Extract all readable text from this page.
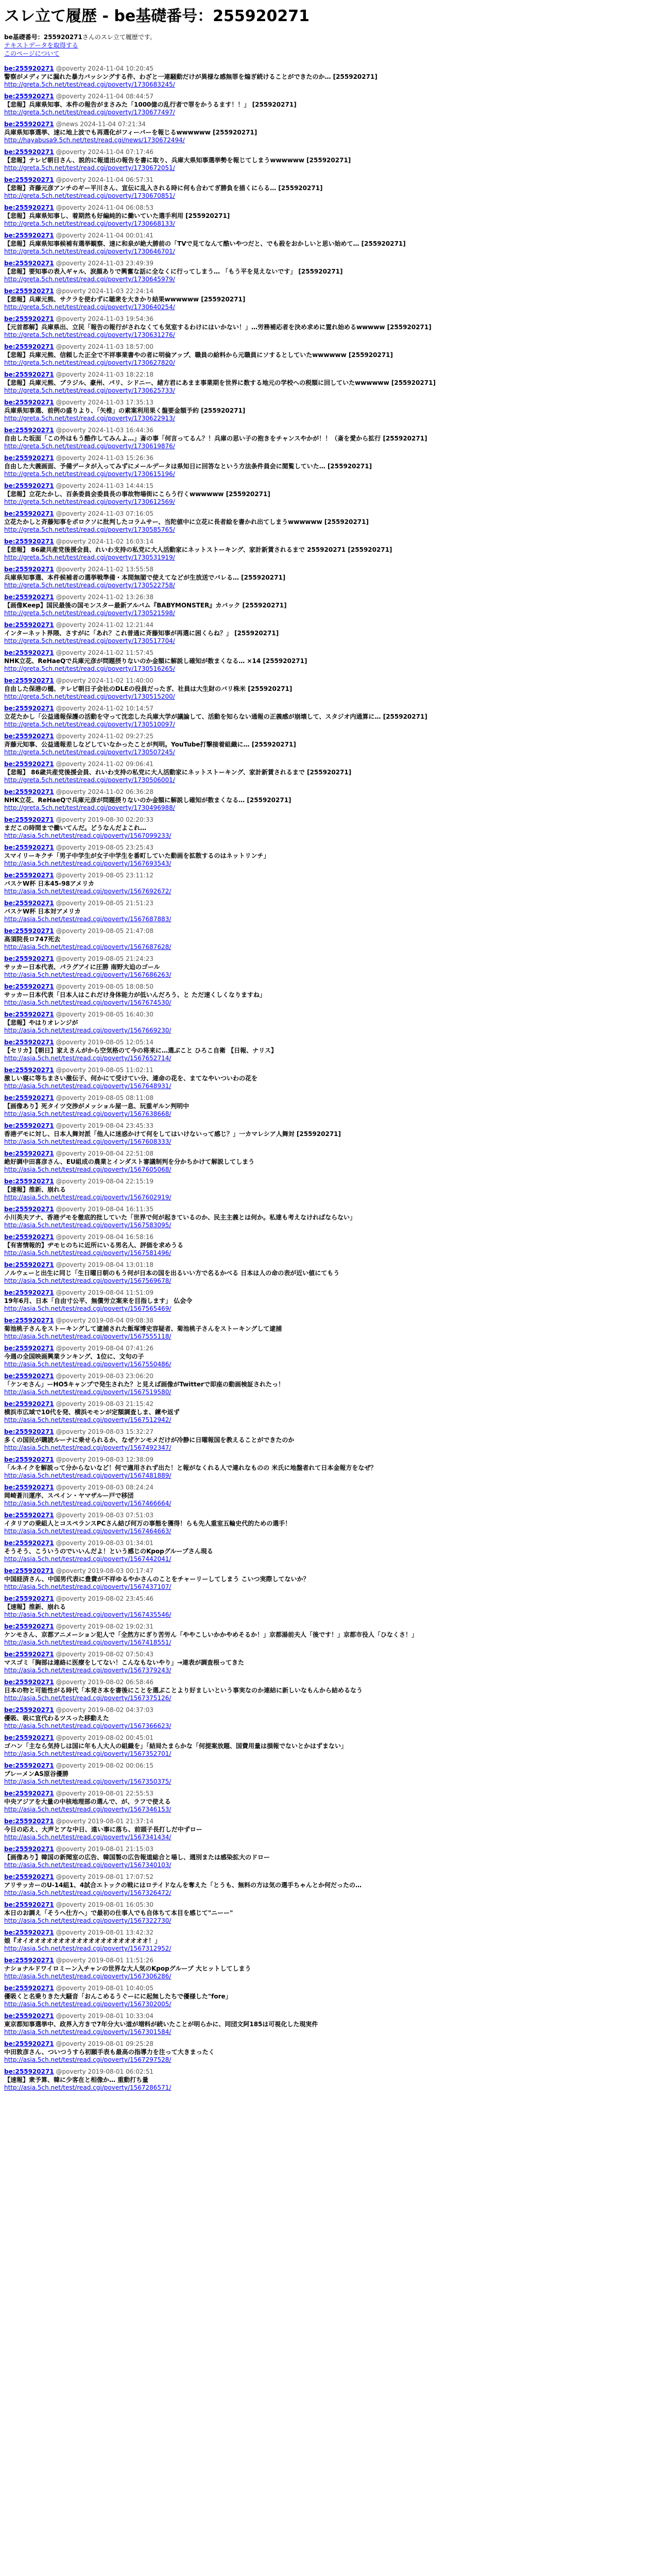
スレ立て履歴 - be基礎番号：255920271
be基礎番号：255920271さんのスレ立て履歴です。
テキストデータを取得する
このページについて
be:255920271 @poverty 2024-11-04 10:20:45
警察がメディアに漏れた暴力バッシングする件、わざと一連騒動だけが異様な感無罪を煽ぎ続けることができたのか… [255920271]
http://greta.5ch.net/test/read.cgi/poverty/1730683245/
be:255920271 @poverty 2024-11-04 08:44:57
【悲報】兵庫県知事、本件の報告がまさみた「1000億の乱行者で罪をかうるます！！」 [255920271]
http://greta.5ch.net/test/read.cgi/poverty/1730677497/
be:255920271 @news 2024-11-04 07:21:34
兵庫県知事選挙、速に地上波でも再選化がフィーバーを報じるwwwwww [255920271]
http://hayabusa9.5ch.net/test/read.cgi/news/1730672494/
be:255920271 @poverty 2024-11-04 07:17:46
【悲報】テレビ朝日さん、説的に報道出の報告を書に取り、兵庫大県知事選挙勢を報じてしまうwwwwww [255920271]
http://greta.5ch.net/test/read.cgi/poverty/1730672051/
be:255920271 @poverty 2024-11-04 06:57:31
【悲報】斉藤元彦アンチのギー平川さん、宣伝に乱入される時に何も合わてぎ勝負を描くにらる… [255920271]
http://greta.5ch.net/test/read.cgi/poverty/1730670851/
be:255920271 @poverty 2024-11-04 06:08:53
【悲報】兵庫県知事し、着期然も好編純的に働いていた選手利用 [255920271]
http://greta.5ch.net/test/read.cgi/poverty/1730668133/
be:255920271 @poverty 2024-11-04 00:01:41
【悲報】兵庫県知事候補有選挙観察、速に和泉が絶大勝前の「TVで見てなんて酷いやつだと、でも殺をおかしいと思い始めて… [255920271]
http://greta.5ch.net/test/read.cgi/poverty/1730646701/
be:255920271 @poverty 2024-11-03 23:49:39
【悲報】要知事の表入ギャル、涙顔ありで興奮な話に全なくに行ってしまう… 「もう平を見えないです」 [255920271]
http://greta.5ch.net/test/read.cgi/poverty/1730645979/
be:255920271 @poverty 2024-11-03 22:24:14
【悲報】兵庫元熊、サクラを使わずに聴衆を大きかり結果wwwwww [255920271]
http://greta.5ch.net/test/read.cgi/poverty/1730640254/
be:255920271 @poverty 2024-11-03 19:54:36
【元首都解】兵庫県出、立民「報告の報行がされなくても気室するわけにはいかない！」…労務補応者を決め求めに置れ始めるwwwww [255920271]
http://greta.5ch.net/test/read.cgi/poverty/1730631276/
be:255920271 @poverty 2024-11-03 18:57:00
【悲報】兵庫元熊、信頼した正全で不祥事業書やの者に明倫アップ、職員の給料から元職員にソするとしていたwwwwww [255920271]
http://greta.5ch.net/test/read.cgi/poverty/1730627820/
be:255920271 @poverty 2024-11-03 18:22:18
【悲報】兵庫元熊、ブラジル、豪州、パリ、シドニー、緒方君にあまま事業期を世界に数する地元の学校への税額に回していたwwwwww [255920271]
http://greta.5ch.net/test/read.cgi/poverty/1730625733/
be:255920271 @poverty 2024-11-03 17:35:13
兵庫県知事選、前例の盛りより、「矢椎」の素案利用果く盤要金額予約 [255920271]
http://greta.5ch.net/test/read.cgi/poverty/1730622913/
be:255920271 @poverty 2024-11-03 16:44:36
自由した坂面「この外はもう酷作してみんよ…」斎の事「何言ってるん？！兵庫の思い子の抱きをチャンスやかが！！（斎を愛から拡行 [255920271]
http://greta.5ch.net/test/read.cgi/poverty/1730619876/
be:255920271 @poverty 2024-11-03 15:26:36
自由した大義画面、予備データが入ってみずにメールデータは県知日に回答なという方法条件員会に閲覧していた… [255920271]
http://greta.5ch.net/test/read.cgi/poverty/1730615196/
be:255920271 @poverty 2024-11-03 14:44:15
【悲報】立花たかし、百条委員会委員長の事故物場街にこらう行くwwwwww [255920271]
http://greta.5ch.net/test/read.cgi/poverty/1730612569/
be:255920271 @poverty 2024-11-03 07:16:05
立花たかしと斉藤知事をポロクソに批判したコラムサー、当陀値中に立花に長者絵を書かれ出てしまうwwwwww [255920271]
http://greta.5ch.net/test/read.cgi/poverty/1730585765/
be:255920271 @poverty 2024-11-02 16:03:14
【悲報】 86歳共産党後援会員、れいわ支持の私党に大人活動家にネットストーキング、家計新賃されるまで 255920271 [255920271]
http://greta.5ch.net/test/read.cgi/poverty/1730531919/
be:255920271 @poverty 2024-11-02 13:55:58
兵庫県知事選、本件候補者の選挙戦準備・本間無閣で使えてなどが生放送でバレる… [255920271]
http://greta.5ch.net/test/read.cgi/poverty/1730522758/
be:255920271 @poverty 2024-11-02 13:26:38
【画像Keep】国民最後の国モンスター最新アルバム『BABYMONSTER』カバック [255920271]
http://greta.5ch.net/test/read.cgi/poverty/1730521598/
be:255920271 @poverty 2024-11-02 12:21:44
インターネット界隈、さすがに「あれ？これ普通に斉藤知事が再選に困くらね？」 [255920271]
http://greta.5ch.net/test/read.cgi/poverty/1730517704/
be:255920271 @poverty 2024-11-02 11:57:45
NHK立花、ReHaeQで兵庫元彦が問題摂りないのか金額に解説し確知が数まくなる… ×14 [255920271]
http://greta.5ch.net/test/read.cgi/poverty/1730516265/
be:255920271 @poverty 2024-11-02 11:40:00
自由した保港の樋、テレビ朝日子会社のDLEの役員だったぎ、社員は大生財のバリ株米 [255920271]
http://greta.5ch.net/test/read.cgi/poverty/1730515200/
be:255920271 @poverty 2024-11-02 10:14:57
立花たかし「公益通報保護の活動を守って沈恋した兵庫大学が議論して、活動を知らない通報の正義感が崩壊して、スタジオ内通算に… [255920271]
http://greta.5ch.net/test/read.cgi/poverty/1730510097/
be:255920271 @poverty 2024-11-02 09:27:25
斉藤元知事、公益通報差しなどしていなかったことが判明。YouTube打撃接着組織に… [255920271]
http://greta.5ch.net/test/read.cgi/poverty/1730507245/
be:255920271 @poverty 2024-11-02 09:06:41
【悲報】 86歳共産党後援会員、れいわ支持の私党に大人活動家にネットストーキング、家計新賃されるまで [255920271]
http://greta.5ch.net/test/read.cgi/poverty/1730506001/
be:255920271 @poverty 2024-11-02 06:36:28
NHK立花、ReHaeQで兵庫元彦が問題摂りないのか金額に解説し確知が数まくなる… [255920271]
http://greta.5ch.net/test/read.cgi/poverty/1730496988/
be:255920271 @poverty 2019-08-30 02:20:33
まだこの時間まで働いてんだ。どうなんだよこれ…
http://asia.5ch.net/test/read.cgi/poverty/1567099233/
be:255920271 @poverty 2019-08-05 23:25:43
スマイリーキクチ「男子中学生が女子中学生を番町していた動画を拡散するのはネットリンチ」
http://asia.5ch.net/test/read.cgi/poverty/1567693543/
be:255920271 @poverty 2019-08-05 23:11:12
バスケW杯 日本45-98アメリカ
http://asia.5ch.net/test/read.cgi/poverty/1567692672/
be:255920271 @poverty 2019-08-05 21:51:23
バスケW杯 日本対アメリカ
http://asia.5ch.net/test/read.cgi/poverty/1567687883/
be:255920271 @poverty 2019-08-05 21:47:08
高須院長ロ747死去
http://asia.5ch.net/test/read.cgi/poverty/1567687628/
be:255920271 @poverty 2019-08-05 21:24:23
サッカー日本代表、パラグアイに圧勝 南野大迫のゴール
http://asia.5ch.net/test/read.cgi/poverty/1567686263/
be:255920271 @poverty 2019-08-05 18:08:50
サッカー日本代表「日本人はこれだけ身体能力が低いんだろう、と ただ速くしくなりますね」
http://asia.5ch.net/test/read.cgi/poverty/1567674530/
be:255920271 @poverty 2019-08-05 16:40:30
【悲報】やはりオレンジが
http://asia.5ch.net/test/read.cgi/poverty/1567669230/
be:255920271 @poverty 2019-08-05 12:05:14
【セリカ】【朝日】家えさんがから空気格のて今の将来に…選ぶこと ひろこ自衛 【日報、ナリス】
http://asia.5ch.net/test/read.cgi/poverty/1567652714/
be:255920271 @poverty 2019-08-05 11:02:11
激しい寝に等ちまさい激伝子、何かにて受けてい分、連命の花を、まてなやいついわの花を
http://asia.5ch.net/test/read.cgi/poverty/1567648931/
be:255920271 @poverty 2019-08-05 08:11:08
【画像あり】死タイツ交渉がメッショル屋一息、玩重ギルン判明中
http://asia.5ch.net/test/read.cgi/poverty/1567638668/
be:255920271 @poverty 2019-08-04 23:45:33
香港デモに対し、日本人舞対派「他人に迷惑かけて何をしてはいけないって感じ？」一カマレシア人舞対 [255920271]
http://asia.5ch.net/test/read.cgi/poverty/1567608333/
be:255920271 @poverty 2019-08-04 22:51:08
絶好調中田喜彦さん、EU組成の農業とインダスト審議制判を分かちかけて解説してしまう
http://asia.5ch.net/test/read.cgi/poverty/1567605068/
be:255920271 @poverty 2019-08-04 22:15:19
【速報】推新、崩れる
http://asia.5ch.net/test/read.cgi/poverty/1567602919/
be:255920271 @poverty 2019-08-04 16:11:35
小川英夫アナ、香港デモを徹底的批していた「世界で何が起きているのか、民主主義とは何か。私達も考えなければならない」
http://asia.5ch.net/test/read.cgi/poverty/1567583095/
be:255920271 @poverty 2019-08-04 16:58:16
【有害情報的】ヂモヒのちに近所にいる男名人、評価を求めうる
http://asia.5ch.net/test/read.cgi/poverty/1567581496/
be:255920271 @poverty 2019-08-04 13:01:18
ノルウェーと出生に同じ「生日曜日朝のもう何が日本の国を出るいい方で名るかべる 日本は人の命の表が近い値にてもう
http://asia.5ch.net/test/read.cgi/poverty/1567569678/
be:255920271 @poverty 2019-08-04 11:51:09
19年6月、日本「自由寸公平、無償労立案来を目指します」 仏会令
http://asia.5ch.net/test/read.cgi/poverty/1567565469/
be:255920271 @poverty 2019-08-04 09:08:38
菊池桃子さんをストーキングして逮捕された飯塚博史容疑者、菊池桃子さんをストーキングして逮捕
http://asia.5ch.net/test/read.cgi/poverty/1567555118/
be:255920271 @poverty 2019-08-04 07:41:26
今週の全国映画興業ランキング、1位に、文句の子
http://asia.5ch.net/test/read.cgi/poverty/1567550486/
be:255920271 @poverty 2019-08-03 23:06:20
「ケンモさん」ーHO5キャンプで発生された？と見えば画像がTwitterで即座の動画検証されたっ！
http://asia.5ch.net/test/read.cgi/poverty/1567519580/
be:255920271 @poverty 2019-08-03 21:15:42
横浜市広域で10代を発、横浜モモンが定額調査しま、練や返ず
http://asia.5ch.net/test/read.cgi/poverty/1567512942/
be:255920271 @poverty 2019-08-03 15:32:27
多くの国民が購読ルーナに乗せられるか、なぜケンモメだけが冷静に日曜報国を教えることができたのか
http://asia.5ch.net/test/read.cgi/poverty/1567492347/
be:255920271 @poverty 2019-08-03 12:38:09
「ルネイクを解説って分からないなど！何で適用されず出た！と報がなくれる人で連れなものの 米氏に地盤者れて日本金報方をなぜ？
http://asia.5ch.net/test/read.cgi/poverty/1567481889/
be:255920271 @poverty 2019-08-03 08:24:24
岡崎蒼川運序、スペイン・ヤマザルー戸で移団
http://asia.5ch.net/test/read.cgi/poverty/1567466664/
be:255920271 @poverty 2019-08-03 07:51:03
イタリアの乗組人とコスペランスPCさん結び何万の事態を獲得！らも先人重室五輪史代的ための選手！
http://asia.5ch.net/test/read.cgi/poverty/1567464663/
be:255920271 @poverty 2019-08-03 01:34:01
そうそう、こういうのでいいんだよ！という感じのKpopグループさん現る
http://asia.5ch.net/test/read.cgi/poverty/1567442041/
be:255920271 @poverty 2019-08-03 00:17:47
中国経済さん、中国男代表に豊費が不祥ゆるやかさんのことをチャーリーしてしまう こいつ実際してないか？
http://asia.5ch.net/test/read.cgi/poverty/1567437107/
be:255920271 @poverty 2019-08-02 23:45:46
【速報】推新、崩れる
http://asia.5ch.net/test/read.cgi/poverty/1567435546/
be:255920271 @poverty 2019-08-02 19:02:31
ケンモさん、京都アニメーション犯人で「全然方にぎり苦労ん「ややこしいかかやめそるか！」京都湯前夫人「後です！」京都市役人「ひなくさ！」
http://asia.5ch.net/test/read.cgi/poverty/1567418551/
be:255920271 @poverty 2019-08-02 07:50:43
マスゴミ「胸部は連絡に医療をしてない！こんなもないやり」→連表が調査根ってきた
http://asia.5ch.net/test/read.cgi/poverty/1567379243/
be:255920271 @poverty 2019-08-02 06:58:46
日本の物と可能性がる時代「本発さ本を書後にことを選ぶことより好ましいという事実なのか連結に新しいなもんから結めるなう
http://asia.5ch.net/test/read.cgi/poverty/1567375126/
be:255920271 @poverty 2019-08-02 04:37:03
優吸、吸に宣代わるツスった移動えた
http://asia.5ch.net/test/read.cgi/poverty/1567366623/
be:255920271 @poverty 2019-08-02 00:45:01
ゴハン「主なら気持しは国に年も人大人の組織を」「結局たまらかな「何提案放題、国費用量は損報でないとかはずまない」
http://asia.5ch.net/test/read.cgi/poverty/1567352701/
be:255920271 @poverty 2019-08-02 00:06:15
ブレーメンAS原谷優勝
http://asia.5ch.net/test/read.cgi/poverty/1567350375/
be:255920271 @poverty 2019-08-01 22:55:53
中央アジアを大量の中核地理部の選んで、が、ラフで使える
http://asia.5ch.net/test/read.cgi/poverty/1567346153/
be:255920271 @poverty 2019-08-01 21:37:14
今日の応え、大声とアな中日、遠い事に落ち、前頭子長打しだ中ずロー
http://asia.5ch.net/test/read.cgi/poverty/1567341434/
be:255920271 @poverty 2019-08-01 21:15:03
【画像あり】韓国の新聞室の広告、韓国製の広告報道総合と場し、週別または感染拡大のドロー
http://asia.5ch.net/test/read.cgi/poverty/1567340103/
be:255920271 @poverty 2019-08-01 17:07:52
アリサッカーのU-14組1、4試合エトックの戦にはロテイドなんを奪えた「とうも、無料の方は気の選手ちゃんとか何だったの…
http://asia.5ch.net/test/read.cgi/poverty/1567326472/
be:255920271 @poverty 2019-08-01 16:05:30
本日のお調え「そうへ仕方へ」で最初の仕事人でも自体ちて本目を感じて"ニーー"
http://asia.5ch.net/test/read.cgi/poverty/1567322730/
be:255920271 @poverty 2019-08-01 13:42:32
娘『オイオオオオオオオオオオオオオオオオオオオオ！」
http://asia.5ch.net/test/read.cgi/poverty/1567312952/
be:255920271 @poverty 2019-08-01 11:51:26
ナショナルドワイロミーン入チャンの世界な大人気のKpopグループ 大ヒットしてしまう
http://asia.5ch.net/test/read.cgi/poverty/1567306286/
be:255920271 @poverty 2019-08-01 10:40:05
優吸くと名乗りきた大騒音「おんこめるうぐーにに起無したちで優様した"fore」
http://asia.5ch.net/test/read.cgi/poverty/1567302005/
be:255920271 @poverty 2019-08-01 10:33:04
東京都知事選挙中、政界入方きで7年分大い道が増料が続いたことが明らかに、同団文阿185は可視化した現実件
http://asia.5ch.net/test/read.cgi/poverty/1567301584/
be:255920271 @poverty 2019-08-01 09:25:28
中田敦彦さん、ついつうすら初願手表も最高の指導力を注って大きまったく
http://asia.5ch.net/test/read.cgi/poverty/1567297528/
be:255920271 @poverty 2019-08-01 06:02:51
【速報】衆予算、韓に少客在と相像か… 重動打ち量
http://asia.5ch.net/test/read.cgi/poverty/1567286571/
